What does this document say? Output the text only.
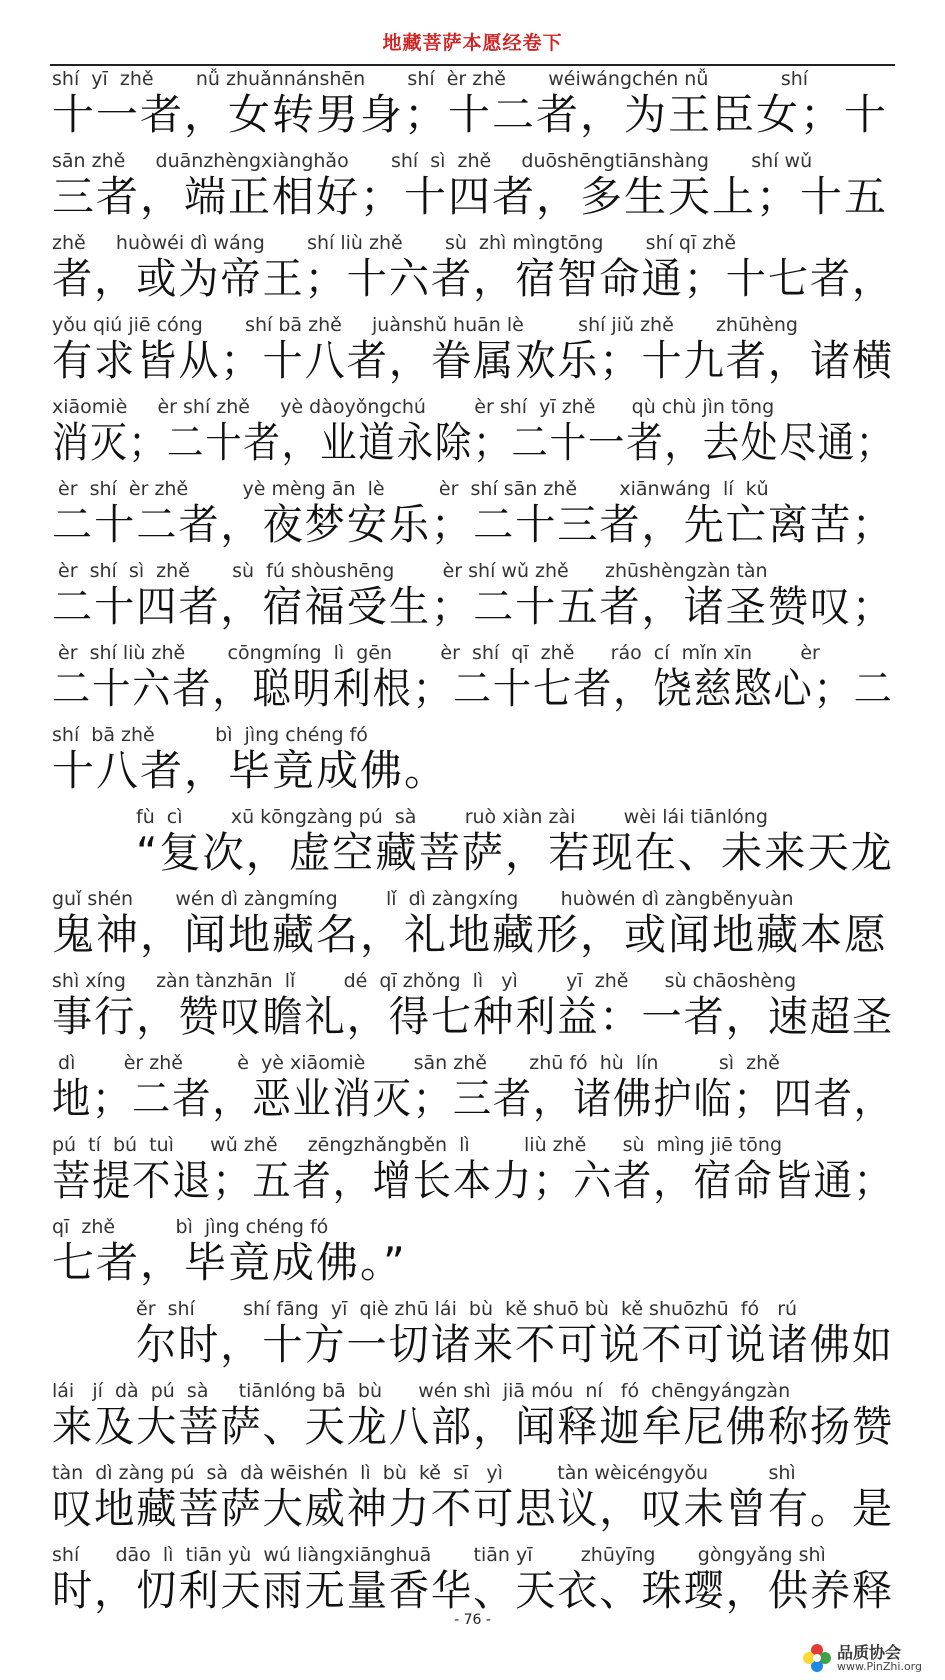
地藏菩萨本愿经卷下
shí  yī  zhě       nǚ zhuǎnnánshēn       shí  èr zhě       wéiwángchén nǚ            shí
十一者，女转男身；十二者，为王臣女；十
sān zhě     duānzhèngxiànghǎo       shí  sì  zhě     duōshēngtiānshàng       shí wǔ
三者，端正相好；十四者，多生天上；十五
zhě     huòwéi dì wáng       shí liù zhě       sù  zhì mìngtōng       shí qī zhě
者，或为帝王；十六者，宿智命通；十七者，
yǒu qiú jiē cóng       shí bā zhě     juànshǔ huān lè         shí jiǔ zhě       zhūhèng
有求皆从；十八者，眷属欢乐；十九者，诸横
xiāomiè     èr shí zhě     yè dàoyǒngchú        èr shí  yī zhě      qù chù jìn tōng
消灭；二十者，业道永除；二十一者，去处尽通；
èr  shí  èr zhě         yè mèng ān  lè         èr  shí sān zhě       xiānwáng  lí  kǔ
二十二者，夜梦安乐；二十三者，先亡离苦；
èr  shí  sì  zhě       sù  fú shòushēng        èr shí wǔ zhě      zhūshèngzàn tàn
二十四者，宿福受生；二十五者，诸圣赞叹；
èr  shí liù zhě       cōngmíng  lì  gēn        èr  shí  qī  zhě      ráo  cí  mǐn xīn        èr
二十六者，聪明利根；二十七者，饶慈愍心；二
shí  bā zhě          bì  jìng chéng fó
十八者，毕竟成佛。
fù  cì        xū kōngzàng pú  sà        ruò xiàn zài        wèi lái tiānlóng
“复次，虚空藏菩萨，若现在、未来天龙
guǐ shén       wén dì zàngmíng        lǐ  dì zàngxíng       huòwén dì zàngběnyuàn
鬼神，闻地藏名，礼地藏形，或闻地藏本愿
shì xíng     zàn tànzhān  lǐ        dé  qī zhǒng  lì   yì        yī  zhě      sù chāoshèng
事行，赞叹瞻礼，得七种利益：一者，速超圣
dì        èr zhě         è  yè xiāomiè        sān zhě       zhū fó  hù  lín          sì  zhě
地；二者，恶业消灭；三者，诸佛护临；四者，
pú  tí  bú  tuì      wǔ zhě     zēngzhǎngběn  lì         liù zhě      sù  mìng jiē tōng
菩提不退；五者，增长本力；六者，宿命皆通；
qī  zhě          bì  jìng chéng fó
七者，毕竟成佛。”
ěr  shí        shí fāng  yī  qiè zhū lái  bù  kě shuō bù  kě shuōzhū  fó   rú
尔时，十方一切诸来不可说不可说诸佛如
lái   jí  dà  pú  sà     tiānlóng bā  bù      wén shì  jiā móu  ní   fó  chēngyángzàn
来及大菩萨、天龙八部，闻释迦牟尼佛称扬赞
tàn  dì zàng pú  sà  dà wēishén  lì  bù  kě  sī   yì         tàn wèicéngyǒu          shì
叹地藏菩萨大威神力不可思议，叹未曾有。是
shí      dāo  lì  tiān yù  wú liàngxiānghuā       tiān yī        zhūyīng       gòngyǎng shì
时，忉利天雨无量香华、天衣、珠璎，供养释
- 76 -
品质协会
www.PinZhi.org
